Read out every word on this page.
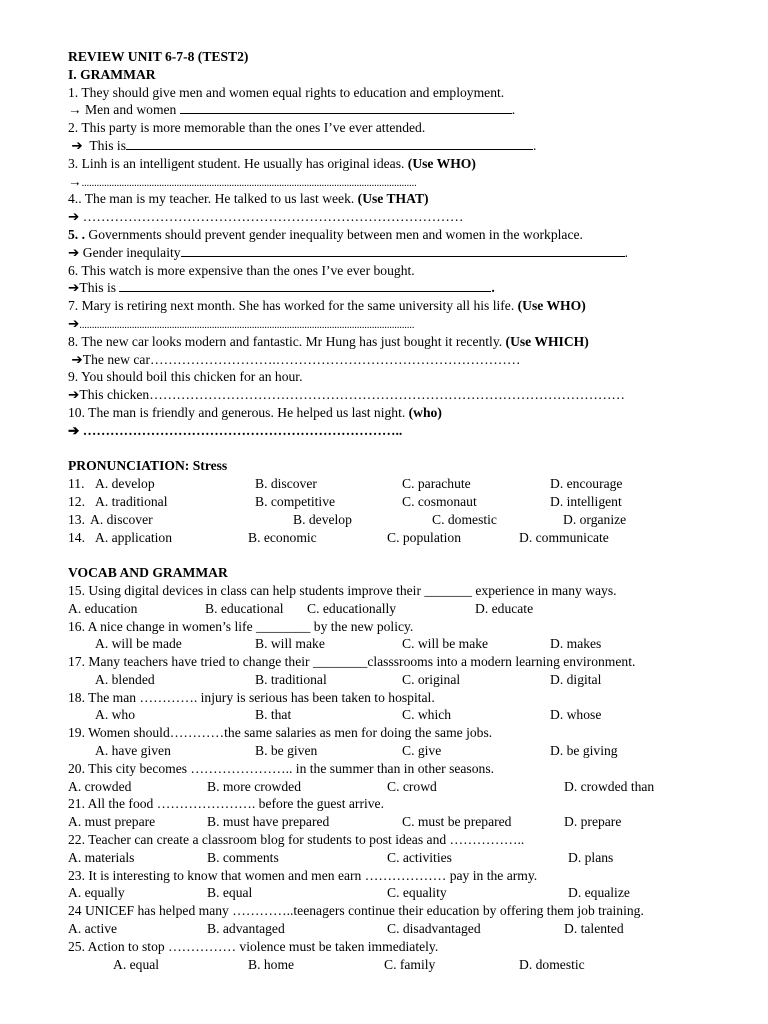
REVIEW UNIT 6-7-8 (TEST2)
I. GRAMMAR
1. They should give men and women equal rights to education and employment.
→ Men and women	.
2. This party is more memorable than the ones I’ve ever attended.
➔  This is	.
3. Linh is an intelligent student. He usually has original ideas. (Use WHO)
→......................................................................................................................................
4.. The man is my teacher. He talked to us last week. (Use THAT)
➔ …………………………………………………………………………
5. . Governments should prevent gender inequality between men and women in the workplace.
➔ Gender inequlaity	.
6. This watch is more expensive than the ones I’ve ever bought.
➔This is	.
7. Mary is retiring next month. She has worked for the same university all his life. (Use WHO)
➔......................................................................................................................................
8. The new car looks modern and fantastic. Mr Hung has just bought it recently. (Use WHICH)
➔The new car……………………….………………………………………………
9. You should boil this chicken for an hour.
➔This chicken……………………………………………………………………………………………
10. The man is friendly and generous. He helped us last night. (who)
➔ ……………………………………………………………..
PRONUNCIATION: Stress
11. A. develop	B. discover	C. parachute	D. encourage
12. A. traditional	B. competitive	C. cosmonaut	D. intelligent
13. A. discover	B. develop	C. domestic	D. organize
14. A. application	B. economic	C. population	D. communicate
VOCAB AND GRAMMAR
15. Using digital devices in class can help students improve their _______ experience in many ways.
A. education	B. educational C. educationally	D. educate
16. A nice change in women’s life ________ by the new policy.
A. will be made	B. will make	C. will be make	D. makes
17. Many teachers have tried to change their ________classsrooms into a modern learning environment.
A. blended	B. traditional	C. original	D. digital
18. The man …………. injury is serious has been taken to hospital.
A. who	B. that	C. which	D. whose
19. Women should…………the same salaries as men for doing the same jobs.
A. have given	B. be given	C. give	D. be giving
20. This city becomes ………………….. in the summer than in other seasons.
A. crowded	B. more crowded	C. crowd	D. crowded than
21. All the food …………………. before the guest arrive.
A. must prepare	B. must have prepared	C. must be prepared	D. prepare
22. Teacher can create a classroom blog for students to post ideas and ……………..
A. materials	B. comments	C. activities	D. plans
23. It is interesting to know that women and men earn ……………… pay in the army.
A. equally	B. equal	C. equality	D. equalize
24 UNICEF has helped many …………..teenagers continue their education by offering them job training.
A. active	B. advantaged	C. disadvantaged	D. talented
25. Action to stop …………… violence must be taken immediately.
A. equal	B. home	C. family	D. domestic
